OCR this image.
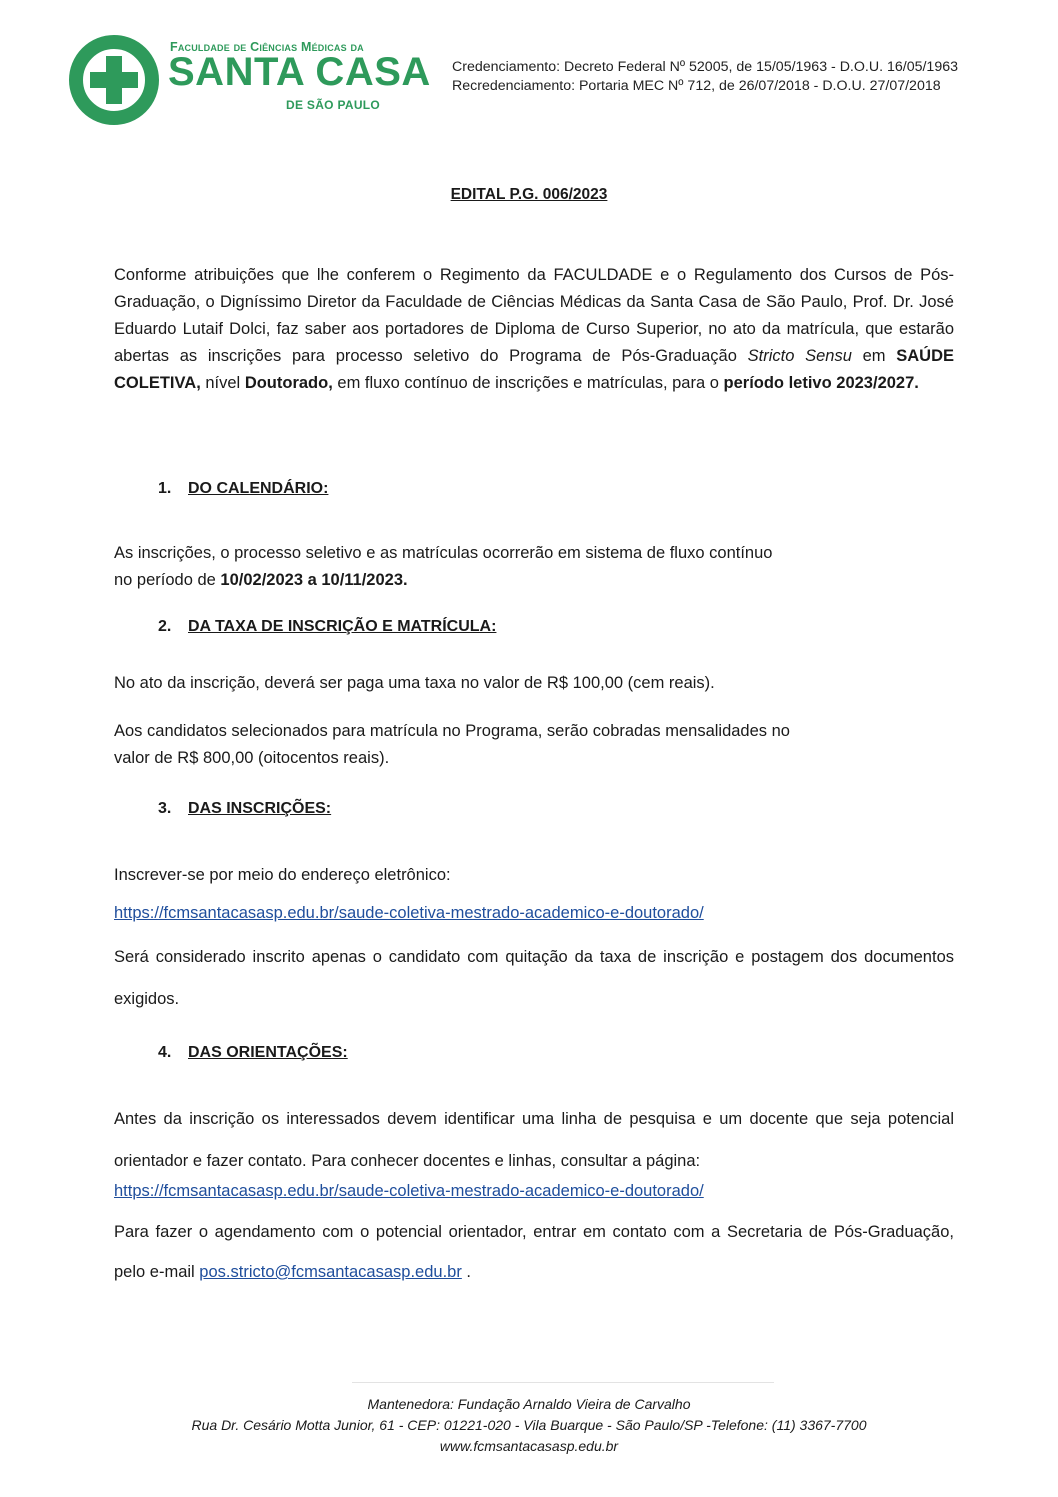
Faculdade de Ciências Médicas da
SANTA CASA
DE SÃO PAULO
Credenciamento: Decreto Federal Nº 52005, de 15/05/1963 - D.O.U. 16/05/1963
Recredenciamento: Portaria MEC Nº 712, de 26/07/2018 - D.O.U. 27/07/2018
EDITAL P.G. 006/2023
Conforme atribuições que lhe conferem o Regimento da FACULDADE e o Regulamento dos Cursos de Pós-Graduação, o Digníssimo Diretor da Faculdade de Ciências Médicas da Santa Casa de São Paulo, Prof. Dr. José Eduardo Lutaif Dolci, faz saber aos portadores de Diploma de Curso Superior, no ato da matrícula, que estarão abertas as inscrições para processo seletivo do Programa de Pós-Graduação Stricto Sensu em SAÚDE COLETIVA, nível Doutorado, em fluxo contínuo de inscrições e matrículas, para o período letivo 2023/2027.
1. DO CALENDÁRIO:
As inscrições, o processo seletivo e as matrículas ocorrerão em sistema de fluxo contínuo
no período de 10/02/2023 a 10/11/2023.
2. DA TAXA DE INSCRIÇÃO E MATRÍCULA:
No ato da inscrição, deverá ser paga uma taxa no valor de R$ 100,00 (cem reais).
Aos candidatos selecionados para matrícula no Programa, serão cobradas mensalidades no
valor de R$ 800,00 (oitocentos reais).
3. DAS INSCRIÇÕES:
Inscrever-se por meio do endereço eletrônico:
https://fcmsantacasasp.edu.br/saude-coletiva-mestrado-academico-e-doutorado/
Será considerado inscrito apenas o candidato com quitação da taxa de inscrição e postagem dos documentos exigidos.
4. DAS ORIENTAÇÕES:
Antes da inscrição os interessados devem identificar uma linha de pesquisa e um docente que seja potencial orientador e fazer contato. Para conhecer docentes e linhas, consultar a página:
https://fcmsantacasasp.edu.br/saude-coletiva-mestrado-academico-e-doutorado/
Para fazer o agendamento com o potencial orientador, entrar em contato com a Secretaria de Pós-Graduação, pelo e-mail pos.stricto@fcmsantacasasp.edu.br .
Mantenedora: Fundação Arnaldo Vieira de Carvalho
Rua Dr. Cesário Motta Junior, 61 - CEP: 01221-020 - Vila Buarque - São Paulo/SP -Telefone: (11) 3367-7700
www.fcmsantacasasp.edu.br
